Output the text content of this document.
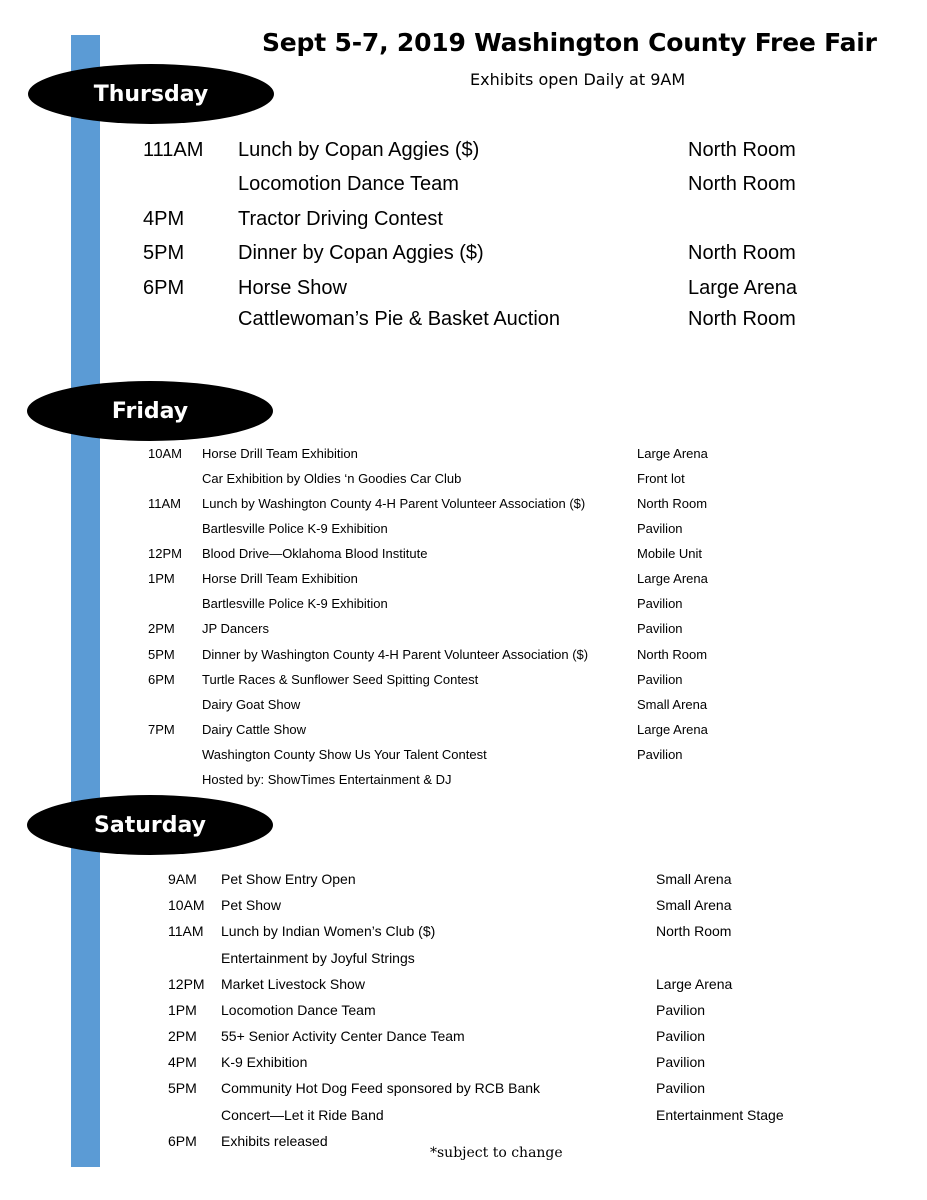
Sept 5-7, 2019 Washington County Free Fair
Exhibits open Daily at 9AM
Thursday
Friday
Saturday
111AM Lunch by Copan Aggies ($)	North Room
Locomotion Dance Team	North Room
4PM	Tractor Driving Contest
5PM	Dinner by Copan Aggies ($)	North Room
6PM	Horse Show	Large Arena
Cattlewoman’s Pie & Basket Auction	North Room
10AM Horse Drill Team Exhibition	Large Arena
Car Exhibition by Oldies ‘n Goodies Car Club	Front lot
11AM Lunch by Washington County 4-H Parent Volunteer Association ($)	North Room
Bartlesville Police K-9 Exhibition	Pavilion
12PM Blood Drive—Oklahoma Blood Institute	Mobile Unit
1PM Horse Drill Team Exhibition	Large Arena
Bartlesville Police K-9 Exhibition	Pavilion
2PM JP Dancers	Pavilion
5PM Dinner by Washington County 4-H Parent Volunteer Association ($)	North Room
6PM Turtle Races & Sunflower Seed Spitting Contest	Pavilion
Dairy Goat Show	Small Arena
7PM Dairy Cattle Show	Large Arena
Washington County Show Us Your Talent Contest	Pavilion
Hosted by: ShowTimes Entertainment & DJ
9AM Pet Show Entry Open	Small Arena
10AM Pet Show	Small Arena
11AM Lunch by Indian Women’s Club ($)	North Room
Entertainment by Joyful Strings
12PM Market Livestock Show	Large Arena
1PM Locomotion Dance Team	Pavilion
2PM 55+ Senior Activity Center Dance Team	Pavilion
4PM K-9 Exhibition	Pavilion
5PM Community Hot Dog Feed sponsored by RCB Bank	Pavilion
Concert—Let it Ride Band	Entertainment Stage
6PM Exhibits released
*subject to change
